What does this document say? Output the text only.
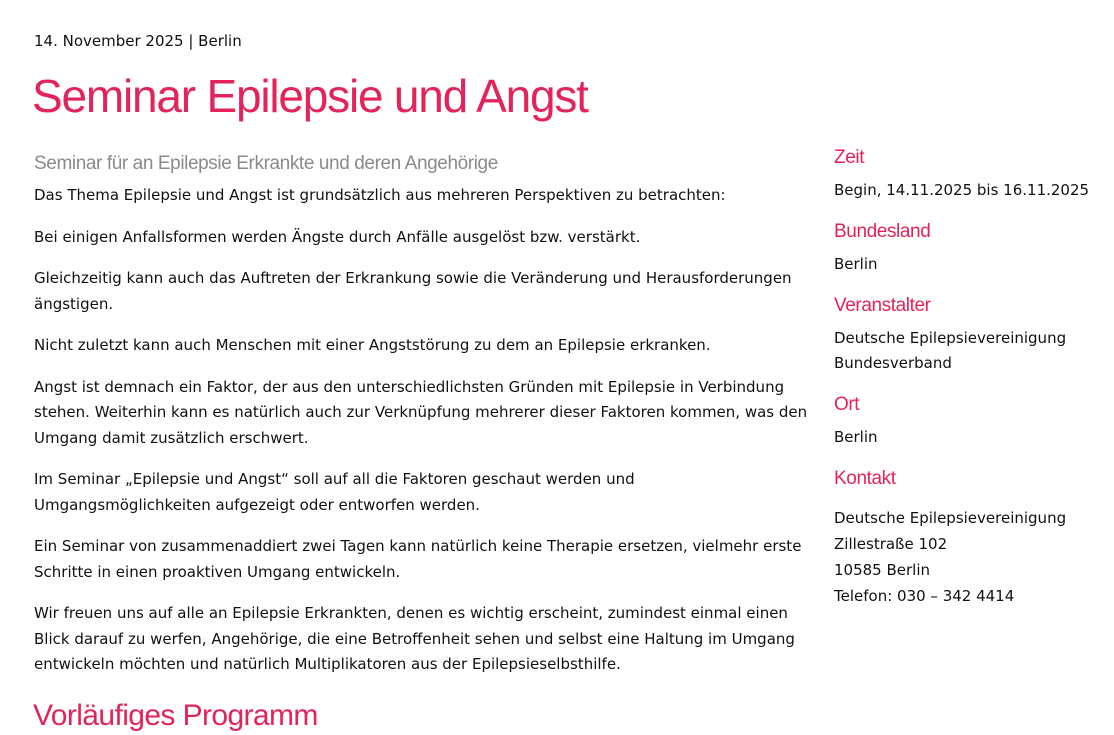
14. November 2025 | Berlin
Seminar Epilepsie und Angst
Seminar für an Epilepsie Erkrankte und deren Angehörige

Das Thema Epilepsie und Angst ist grundsätzlich aus mehreren Perspektiven zu betrachten:

Bei einigen Anfallsformen werden Ängste durch Anfälle ausgelöst bzw. verstärkt.

Gleichzeitig kann auch das Auftreten der Erkrankung sowie die Veränderung und Herausforderungen ängstigen.

Nicht zuletzt kann auch Menschen mit einer Angststörung zu dem an Epilepsie erkranken.

Angst ist demnach ein Faktor, der aus den unterschiedlichsten Gründen mit Epilepsie in Verbindung stehen. Weiterhin kann es natürlich auch zur Verknüpfung mehrerer dieser Faktoren kommen, was den Umgang damit zusätzlich erschwert.

Im Seminar „Epilepsie und Angst“ soll auf all die Faktoren geschaut werden und Umgangsmöglichkeiten aufgezeigt oder entworfen werden.

Ein Seminar von zusammenaddiert zwei Tagen kann natürlich keine Therapie ersetzen, vielmehr erste Schritte in einen proaktiven Umgang entwickeln.

Wir freuen uns auf alle an Epilepsie Erkrankten, denen es wichtig erscheint, zumindest einmal einen Blick darauf zu werfen, Angehörige, die eine Betroffenheit sehen und selbst eine Haltung im Umgang entwickeln möchten und natürlich Multiplikatoren aus der Epilepsieselbsthilfe.

Vorläufiges Programm
Zeit
Begin, 14.11.2025 bis 16.11.2025
Bundesland
Berlin
Veranstalter
Deutsche Epilepsievereinigung
Bundesverband
Ort
Berlin
Kontakt
Deutsche Epilepsievereinigung
Zillestraße 102
10585 Berlin
Telefon: 030 – 342 4414
